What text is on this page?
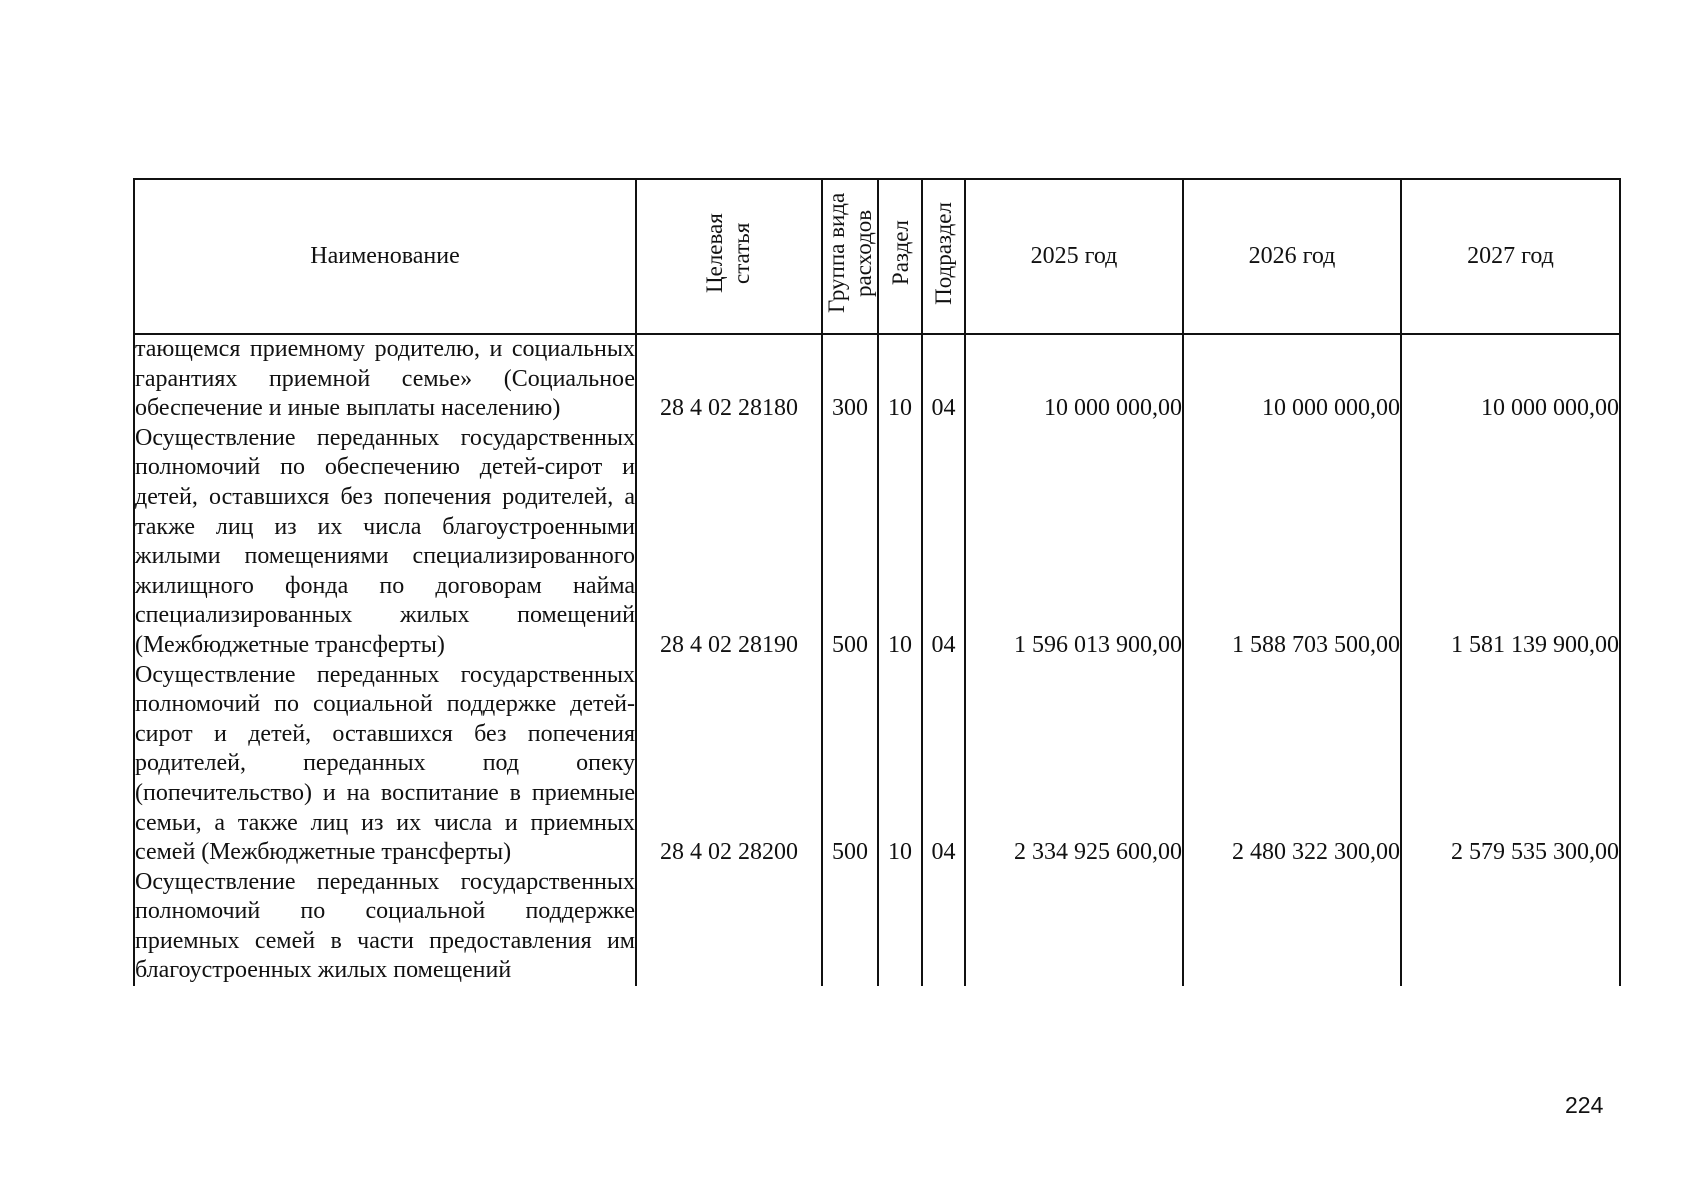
Наименование	Целевая статья	Группа вида расходов	Раздел	Подраздел	2025 год	2026 год	2027 год

тающемся приемному родителю, и социальных гарантиях приемной семье» (Социальное обеспечение и иные выплаты населению)	28 4 02 28180	300	10	04	10 000 000,00	10 000 000,00	10 000 000,00

Осуществление переданных государственных полномочий по обеспечению детей-сирот и детей, оставшихся без попечения родителей, а также лиц из их числа благоустроенными жилыми помещениями специализированного жилищного фонда по договорам найма специализированных жилых помещений (Межбюджетные трансферты)	28 4 02 28190	500	10	04	1 596 013 900,00	1 588 703 500,00	1 581 139 900,00

Осуществление переданных государственных полномочий по социальной поддержке детей-сирот и детей, оставшихся без попечения родителей, переданных под опеку (попечительство) и на воспитание в приемные семьи, а также лиц из их числа и приемных семей (Межбюджетные трансферты)	28 4 02 28200	500	10	04	2 334 925 600,00	2 480 322 300,00	2 579 535 300,00

Осуществление переданных государственных полномочий по социальной поддержке приемных семей в части предоставления им благоустроенных жилых помещений							

224
